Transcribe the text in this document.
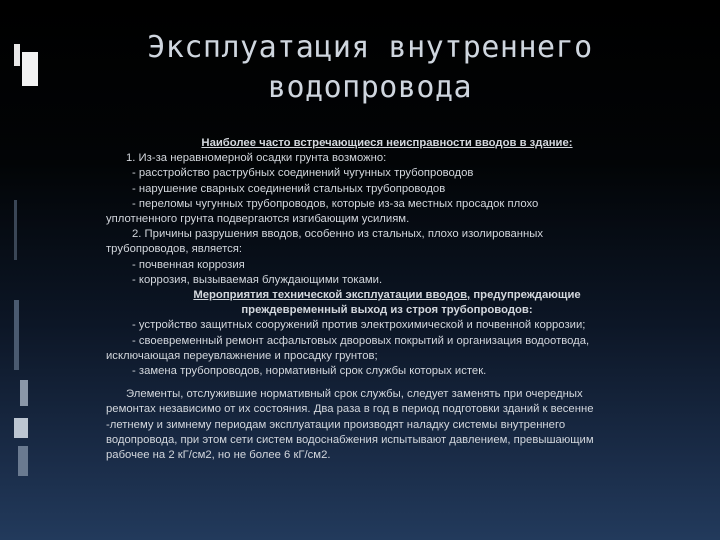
Эксплуатация внутреннего
водопровода
Наиболее часто встречающиеся неисправности вводов в здание:
1. Из-за неравномерной осадки грунта возможно:
- расстройство раструбных соединений чугунных трубопроводов
- нарушение сварных соединений стальных трубопроводов
- переломы чугунных трубопроводов, которые из-за местных просадок плохо
уплотненного грунта подвергаются изгибающим усилиям.
2. Причины разрушения вводов, особенно из стальных, плохо изолированных
трубопроводов, является:
- почвенная коррозия
- коррозия, вызываемая блуждающими токами.
Мероприятия технической эксплуатации вводов, предупреждающие
преждевременный выход из строя трубопроводов:
- устройство защитных сооружений против электрохимической и почвенной коррозии;
- своевременный ремонт асфальтовых дворовых покрытий и организация водоотвода,
исключающая переувлажнение и просадку грунтов;
- замена трубопроводов, нормативный срок службы которых истек.
Элементы, отслужившие нормативный срок службы, следует заменять при очередных
ремонтах независимо от их состояния. Два раза в год в период подготовки зданий к весенне
-летнему и зимнему периодам эксплуатации производят наладку системы внутреннего
водопровода, при этом сети систем водоснабжения испытывают давлением, превышающим
рабочее на 2 кГ/см2, но не более 6 кГ/см2.
